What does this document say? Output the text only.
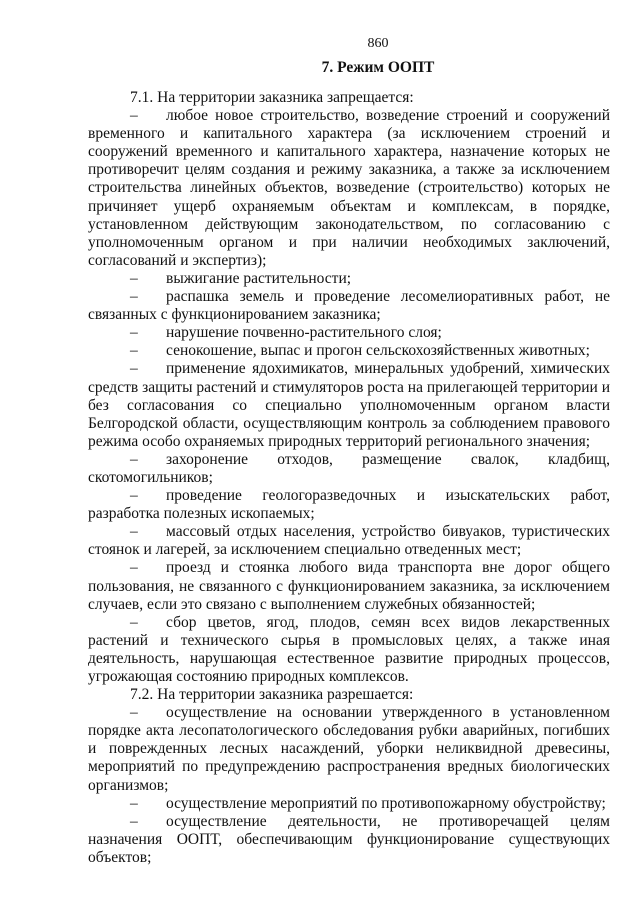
860
7. Режим ООПТ

7.1. На территории заказника запрещается:

– любое новое строительство, возведение строений и сооружений временного и капитального характера (за исключением строений и сооружений временного и капитального характера, назначение которых не противоречит целям создания и режиму заказника, а также за исключением строительства линейных объектов, возведение (строительство) которых не причиняет ущерб охраняемым объектам и комплексам, в порядке, установленном действующим законодательством, по согласованию с уполномоченным органом и при наличии необходимых заключений, согласований и экспертиз);

– выжигание растительности;

– распашка земель и проведение лесомелиоративных работ, не связанных с функционированием заказника;

– нарушение почвенно-растительного слоя;

– сенокошение, выпас и прогон сельскохозяйственных животных;

– применение ядохимикатов, минеральных удобрений, химических средств защиты растений и стимуляторов роста на прилегающей территории и без согласования со специально уполномоченным органом власти Белгородской области, осуществляющим контроль за соблюдением правового режима особо охраняемых природных территорий регионального значения;

– захоронение отходов, размещение свалок, кладбищ, скотомогильников;

– проведение геологоразведочных и изыскательских работ, разработка полезных ископаемых;

– массовый отдых населения, устройство бивуаков, туристических стоянок и лагерей, за исключением специально отведенных мест;

– проезд и стоянка любого вида транспорта вне дорог общего пользования, не связанного с функционированием заказника, за исключением случаев, если это связано с выполнением служебных обязанностей;

– сбор цветов, ягод, плодов, семян всех видов лекарственных растений и технического сырья в промысловых целях, а также иная деятельность, нарушающая естественное развитие природных процессов, угрожающая состоянию природных комплексов.

7.2. На территории заказника разрешается:

– осуществление на основании утвержденного в установленном порядке акта лесопатологического обследования рубки аварийных, погибших и поврежденных лесных насаждений, уборки неликвидной древесины, мероприятий по предупреждению распространения вредных биологических организмов;

– осуществление мероприятий по противопожарному обустройству;

– осуществление деятельности, не противоречащей целям назначения ООПТ, обеспечивающим функционирование существующих объектов;
